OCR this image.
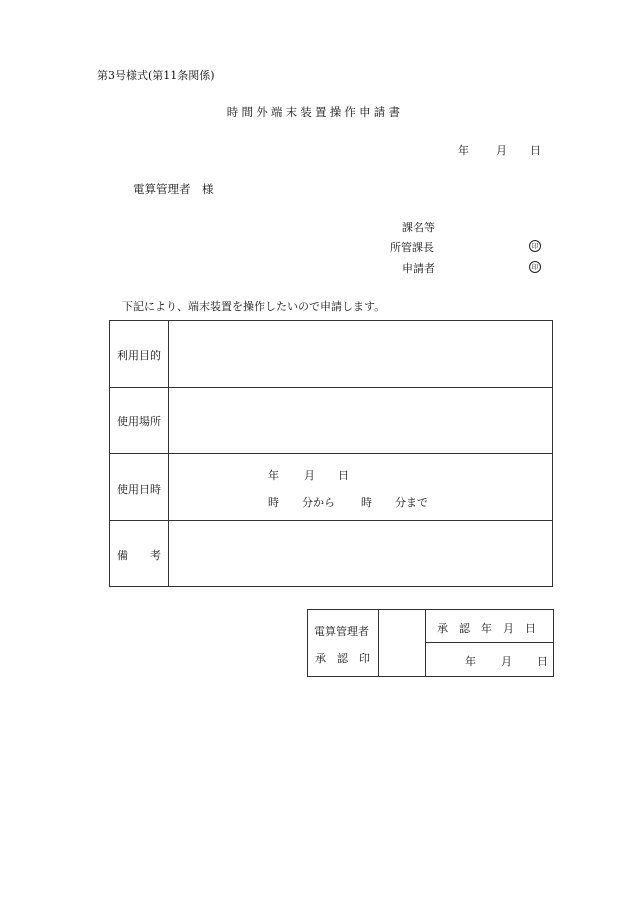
第3号様式(第11条関係)
時間外端末装置操作申請書
年 月 日
電算管理者　様
課名等
所管課長	印
申請者	印
下記により、端末装置を操作したいので申請します。
利用目的
使用場所
使用日時
年 月 日
時 分から 時 分まで
備　　考
電算管理者
承　認　印
承　認　年　月　日
年 月 日
